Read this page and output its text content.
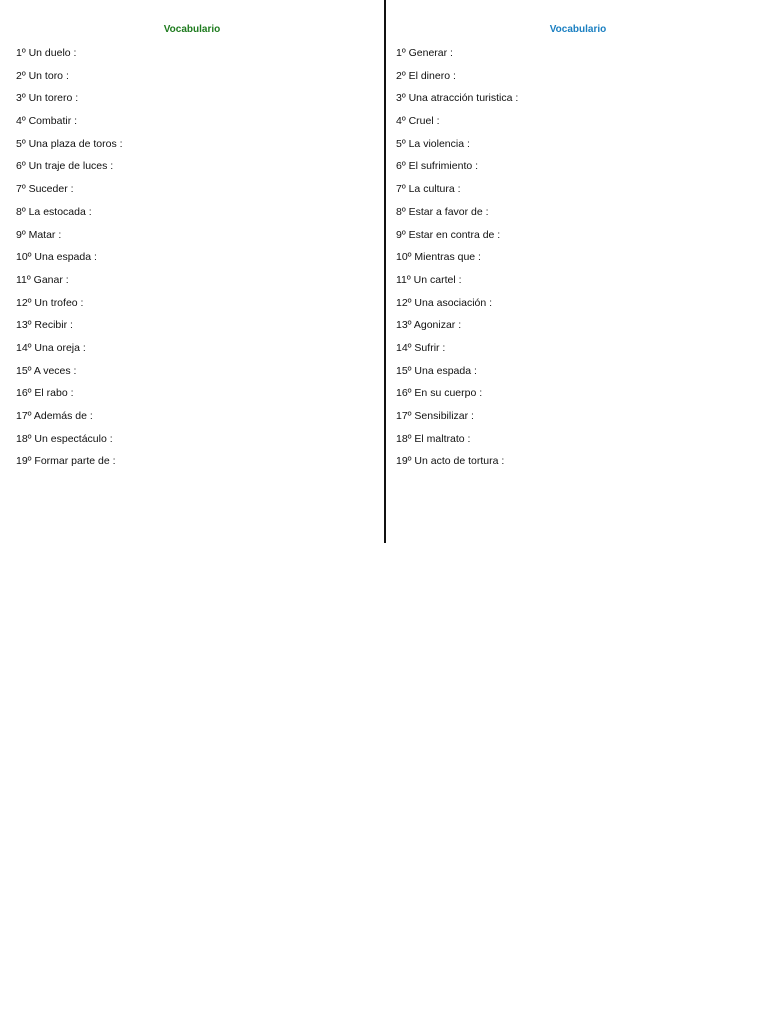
Vocabulario
1º Un duelo :
2º Un toro :
3º Un torero :
4º Combatir :
5º Una plaza de toros :
6º Un traje de luces :
7º Suceder :
8º La estocada :
9º Matar :
10º Una espada :
11º Ganar :
12º Un trofeo :
13º Recibir :
14º Una oreja :
15º A veces :
16º El rabo :
17º Además de :
18º Un espectáculo :
19º Formar parte de :
Vocabulario
1º Generar :
2º El dinero :
3º Una atracción turistica :
4º Cruel :
5º La violencia :
6º El sufrimiento :
7º La cultura :
8º Estar a favor de :
9º Estar en contra de :
10º Mientras que :
11º Un cartel :
12º Una asociación :
13º Agonizar :
14º Sufrir :
15º Una espada :
16º En su cuerpo :
17º Sensibilizar :
18º El maltrato :
19º Un acto de tortura :
